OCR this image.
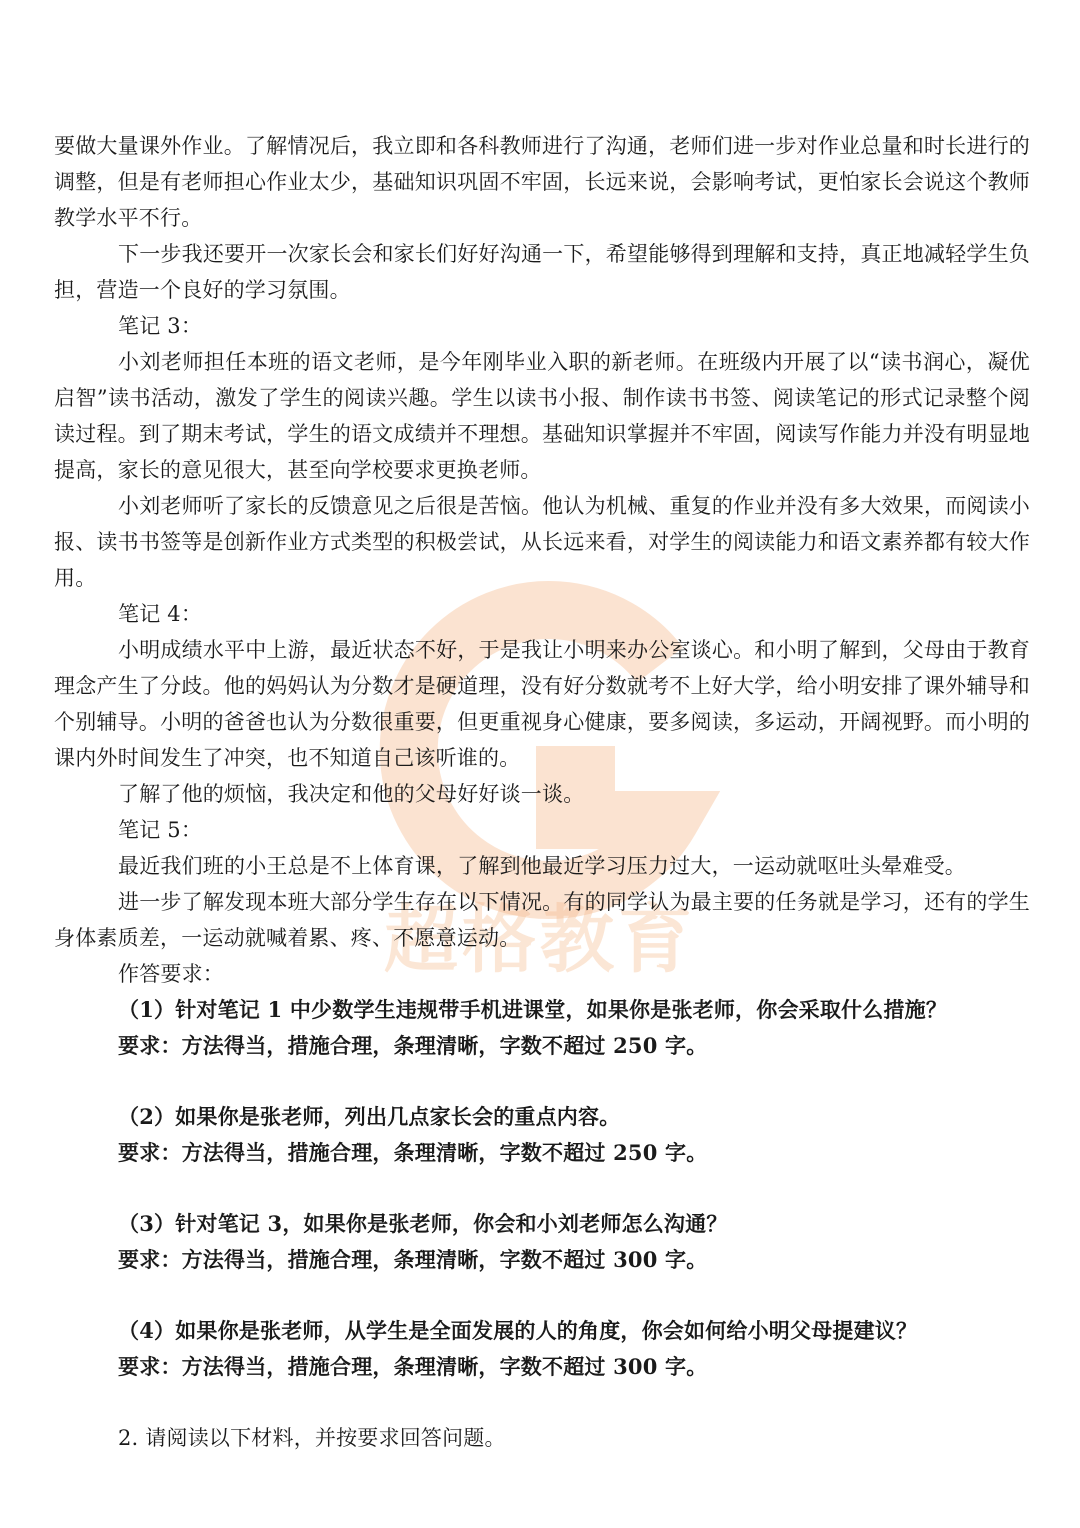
超格教育

要做大量课外作业。了解情况后，我立即和各科教师进行了沟通，老师们进一步对作业总量和时长进行的调整，但是有老师担心作业太少，基础知识巩固不牢固，长远来说，会影响考试，更怕家长会说这个教师教学水平不行。

下一步我还要开一次家长会和家长们好好沟通一下，希望能够得到理解和支持，真正地减轻学生负担，营造一个良好的学习氛围。

笔记 3：

小刘老师担任本班的语文老师，是今年刚毕业入职的新老师。在班级内开展了以“读书润心，凝优启智”读书活动，激发了学生的阅读兴趣。学生以读书小报、制作读书书签、阅读笔记的形式记录整个阅读过程。到了期末考试，学生的语文成绩并不理想。基础知识掌握并不牢固，阅读写作能力并没有明显地提高，家长的意见很大，甚至向学校要求更换老师。

小刘老师听了家长的反馈意见之后很是苦恼。他认为机械、重复的作业并没有多大效果，而阅读小报、读书书签等是创新作业方式类型的积极尝试，从长远来看，对学生的阅读能力和语文素养都有较大作用。

笔记 4：

小明成绩水平中上游，最近状态不好，于是我让小明来办公室谈心。和小明了解到，父母由于教育理念产生了分歧。他的妈妈认为分数才是硬道理，没有好分数就考不上好大学，给小明安排了课外辅导和个别辅导。小明的爸爸也认为分数很重要，但更重视身心健康，要多阅读，多运动，开阔视野。而小明的课内外时间发生了冲突，也不知道自己该听谁的。

了解了他的烦恼，我决定和他的父母好好谈一谈。

笔记 5：

最近我们班的小王总是不上体育课，了解到他最近学习压力过大，一运动就呕吐头晕难受。

进一步了解发现本班大部分学生存在以下情况。有的同学认为最主要的任务就是学习，还有的学生身体素质差，一运动就喊着累、疼、不愿意运动。

作答要求：

（1）针对笔记 1 中少数学生违规带手机进课堂，如果你是张老师，你会采取什么措施？

要求：方法得当，措施合理，条理清晰，字数不超过 250 字。

（2）如果你是张老师，列出几点家长会的重点内容。

要求：方法得当，措施合理，条理清晰，字数不超过 250 字。

（3）针对笔记 3，如果你是张老师，你会和小刘老师怎么沟通？

要求：方法得当，措施合理，条理清晰，字数不超过 300 字。

（4）如果你是张老师，从学生是全面发展的人的角度，你会如何给小明父母提建议？

要求：方法得当，措施合理，条理清晰，字数不超过 300 字。

2. 请阅读以下材料，并按要求回答问题。
